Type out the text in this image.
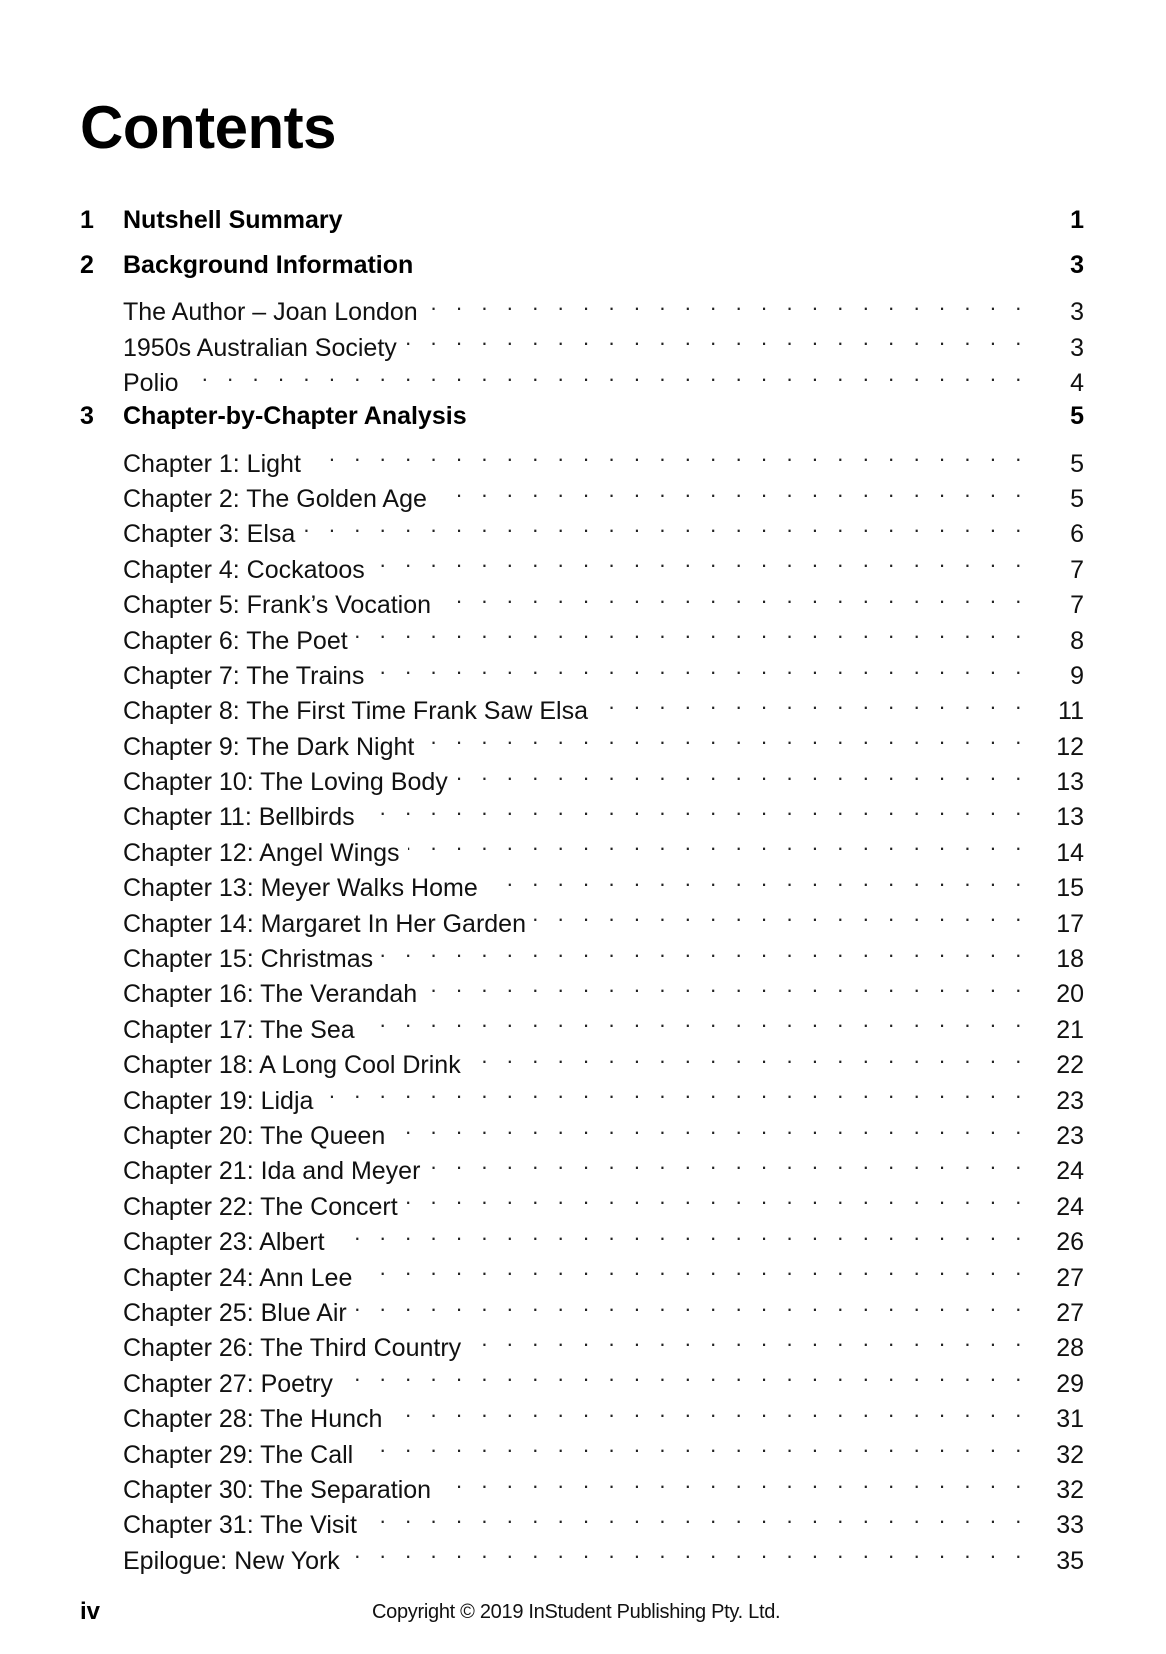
Contents
1	Nutshell Summary	1
2	Background Information	3
The Author – Joan London . . .	3
1950s Australian Society . . .	3
Polio . . .	4
3	Chapter-by-Chapter Analysis	5
Chapter 1: Light . . .	5
Chapter 2: The Golden Age . . .	5
Chapter 3: Elsa . . .	6
Chapter 4: Cockatoos . . .	7
Chapter 5: Frank’s Vocation . . .	7
Chapter 6: The Poet . . .	8
Chapter 7: The Trains . . .	9
Chapter 8: The First Time Frank Saw Elsa . . .	11
Chapter 9: The Dark Night . . .	12
Chapter 10: The Loving Body . . .	13
Chapter 11: Bellbirds . . .	13
Chapter 12: Angel Wings . . .	14
Chapter 13: Meyer Walks Home . . .	15
Chapter 14: Margaret In Her Garden . . .	17
Chapter 15: Christmas . . .	18
Chapter 16: The Verandah . . .	20
Chapter 17: The Sea . . .	21
Chapter 18: A Long Cool Drink . . .	22
Chapter 19: Lidja . . .	23
Chapter 20: The Queen . . .	23
Chapter 21: Ida and Meyer . . .	24
Chapter 22: The Concert . . .	24
Chapter 23: Albert . . .	26
Chapter 24: Ann Lee . . .	27
Chapter 25: Blue Air . . .	27
Chapter 26: The Third Country . . .	28
Chapter 27: Poetry . . .	29
Chapter 28: The Hunch . . .	31
Chapter 29: The Call . . .	32
Chapter 30: The Separation . . .	32
Chapter 31: The Visit . . .	33
Epilogue: New York . . .	35
iv	Copyright © 2019 InStudent Publishing Pty. Ltd.
